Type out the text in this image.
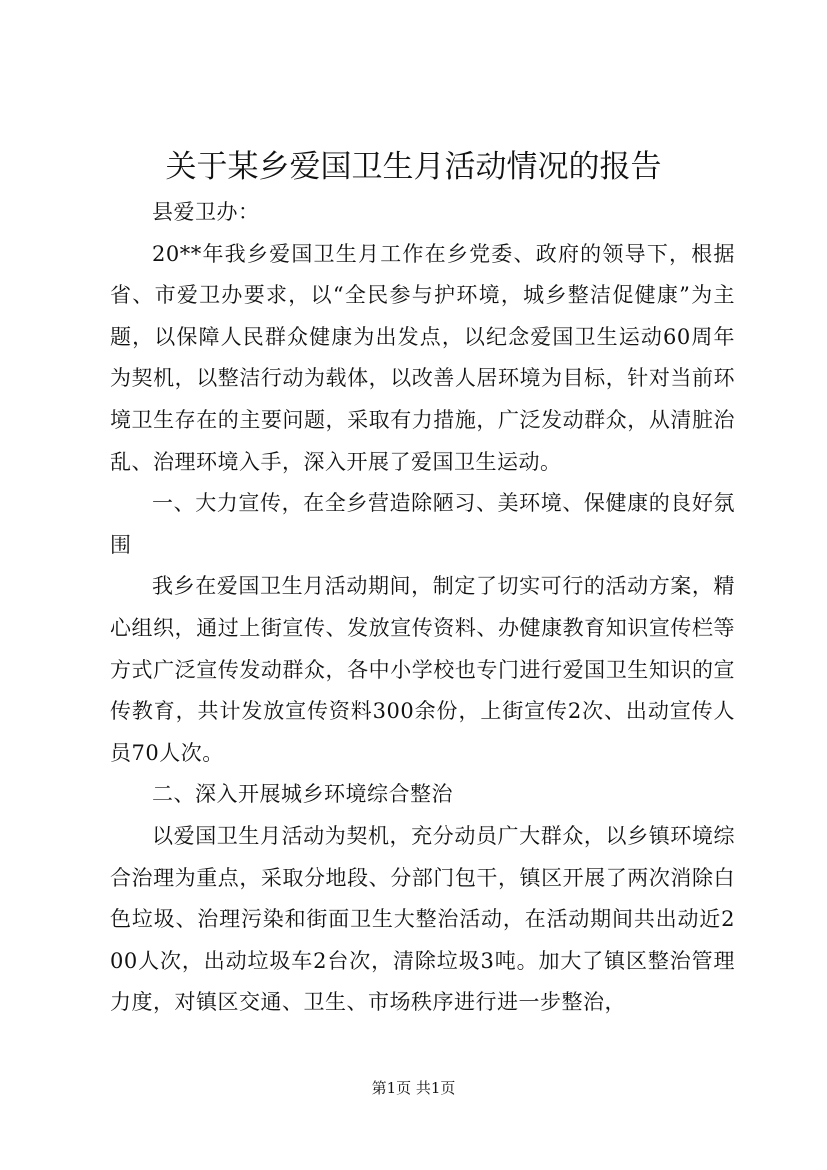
关于某乡爱国卫生月活动情况的报告

县爱卫办：

20**年我乡爱国卫生月工作在乡党委、政府的领导下，根据省、市爱卫办要求，以“全民参与护环境，城乡整洁促健康”为主题，以保障人民群众健康为出发点，以纪念爱国卫生运动60周年为契机，以整洁行动为载体，以改善人居环境为目标，针对当前环境卫生存在的主要问题，采取有力措施，广泛发动群众，从清脏治乱、治理环境入手，深入开展了爱国卫生运动。

一、大力宣传，在全乡营造除陋习、美环境、保健康的良好氛围

我乡在爱国卫生月活动期间，制定了切实可行的活动方案，精心组织，通过上街宣传、发放宣传资料、办健康教育知识宣传栏等方式广泛宣传发动群众，各中小学校也专门进行爱国卫生知识的宣传教育，共计发放宣传资料300余份，上街宣传2次、出动宣传人员70人次。

二、深入开展城乡环境综合整治

以爱国卫生月活动为契机，充分动员广大群众，以乡镇环境综合治理为重点，采取分地段、分部门包干，镇区开展了两次消除白色垃圾、治理污染和街面卫生大整治活动，在活动期间共出动近200人次，出动垃圾车2台次，清除垃圾3吨。加大了镇区整治管理力度，对镇区交通、卫生、市场秩序进行进一步整治，

第1页 共1页
